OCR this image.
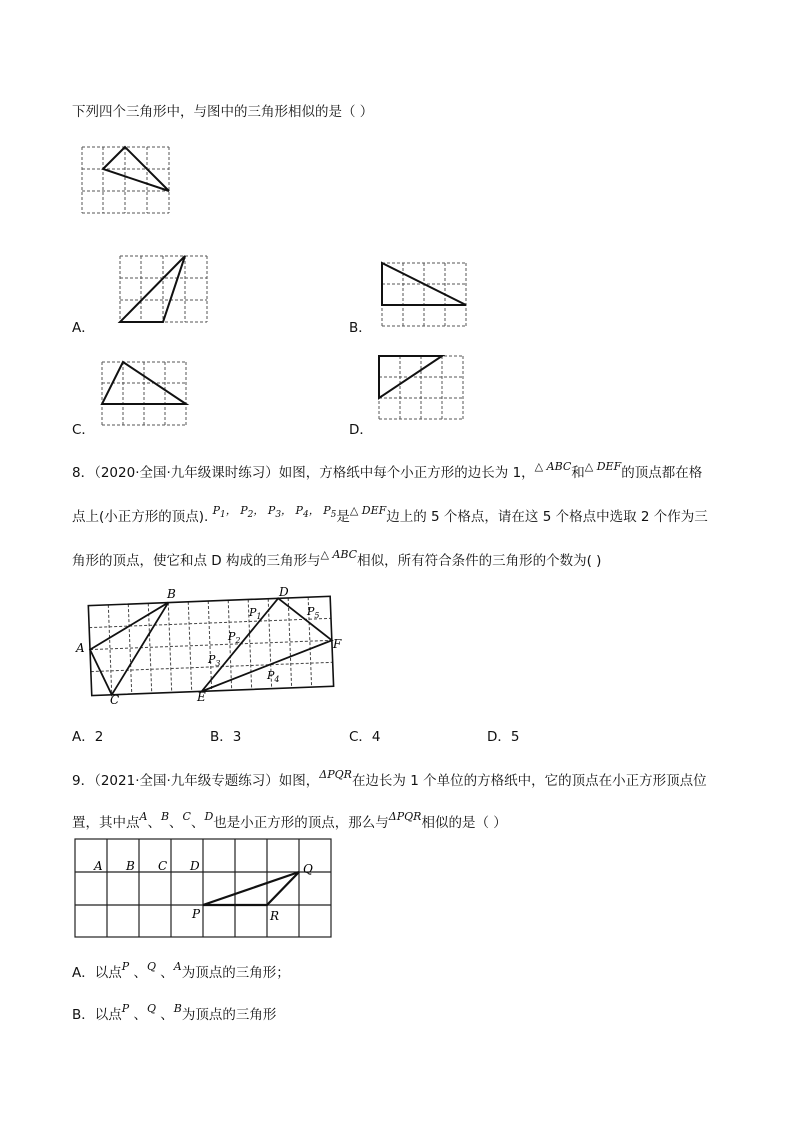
下列四个三角形中，与图中的三角形相似的是（ ）
A．	B．
C．	D．
8．（2020·全国·九年级课时练习）如图，方格纸中每个小正方形的边长为 1，$^{\triangle ABC}$和$^{\triangle DEF}$的顶点都在格
点上(小正方形的顶点). $^{P_1,}$ $^{P_2,}$ $^{P_3,}$ $^{P_4,}$ $^{P_5}$是$^{\triangle DEF}$边上的 5 个格点，请在这 5 个格点中选取 2 个作为三
角形的顶点，使它和点 D 构成的三角形与$^{\triangle ABC}$相似，所有符合条件的三角形的个数为( )
A
B
C
D
E
F
$P_1$
$P_2$
$P_3$
$P_4$
$P_5$
A．2	B．3	C．4	D．5
9．（2021·全国·九年级专题练习）如图，$^{\Delta PQR}$在边长为 1 个单位的方格纸中，它的顶点在小正方形顶点位
置，其中点$^A$、$^B$、$^C$、$^D$也是小正方形的顶点，那么与$^{\Delta PQR}$相似的是（ ）
A B C D
P
Q
R
A．以点$^P$ 、$^Q$ 、$^A$为顶点的三角形；
B．以点$^P$ 、$^Q$ 、$^B$为顶点的三角形
